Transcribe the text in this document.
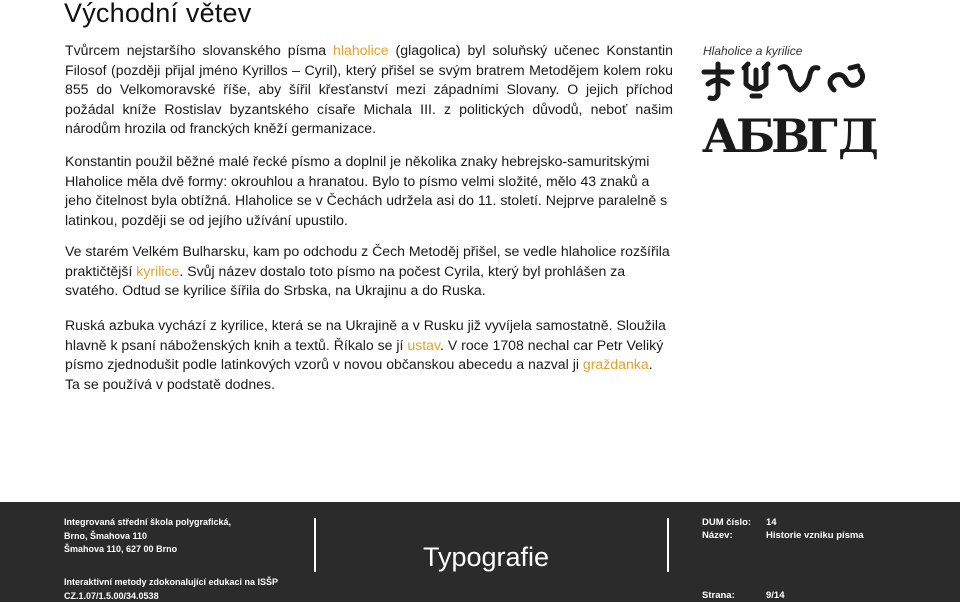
Východní větev

Tvůrcem nejstaršího slovanského písma hlaholice (glagolica) byl soluňský učenec Konstantin Filosof (později přijal jméno Kyrillos – Cyril), který přišel se svým bratrem Metodějem kolem roku 855 do Velkomoravské říše, aby šířil křesťanství mezi západními Slovany. O jejich příchod požádal kníže Rostislav byzantského císaře Michala III. z politických důvodů, neboť našim národům hrozila od franckých kněží germanizace.

Konstantin použil běžné malé řecké písmo a doplnil je několika znaky hebrejsko-samuritskými Hlaholice měla dvě formy: okrouhlou a hranatou. Bylo to písmo velmi složité, mělo 43 znaků a jeho čitelnost byla obtížná. Hlaholice se v Čechách udržela asi do 11. století. Nejprve paralelně s latinkou, později se od jejího užívání upustilo.

Ve starém Velkém Bulharsku, kam po odchodu z Čech Metoděj přišel, se vedle hlaholice rozšířila praktičtější kyrilice. Svůj název dostalo toto písmo na počest Cyrila, který byl prohlášen za svatého. Odtud se kyrilice šířila do Srbska, na Ukrajinu a do Ruska.

Ruská azbuka vychází z kyrilice, která se na Ukrajině a v Rusku již vyvíjela samostatně. Sloužila hlavně k psaní náboženských knih a textů. Říkalo se jí ustav. V roce 1708 nechal car Petr Veliký písmo zjednodušit podle latinkových vzorů v novou občanskou abecedu a nazval ji graždanka. Ta se používá v podstatě dodnes.

Hlaholice a kyrilice
А
Б
В
Г Д
Integrovaná střední škola polygrafická,
Brno, Šmahova 110
Šmahova 110, 627 00 Brno
Interaktivní metody zdokonalující edukaci na ISŠP
CZ.1.07/1.5.00/34.0538
Typografie
DUM číslo: 14
Název:	Historie vzniku písma
Strana:	9/14
